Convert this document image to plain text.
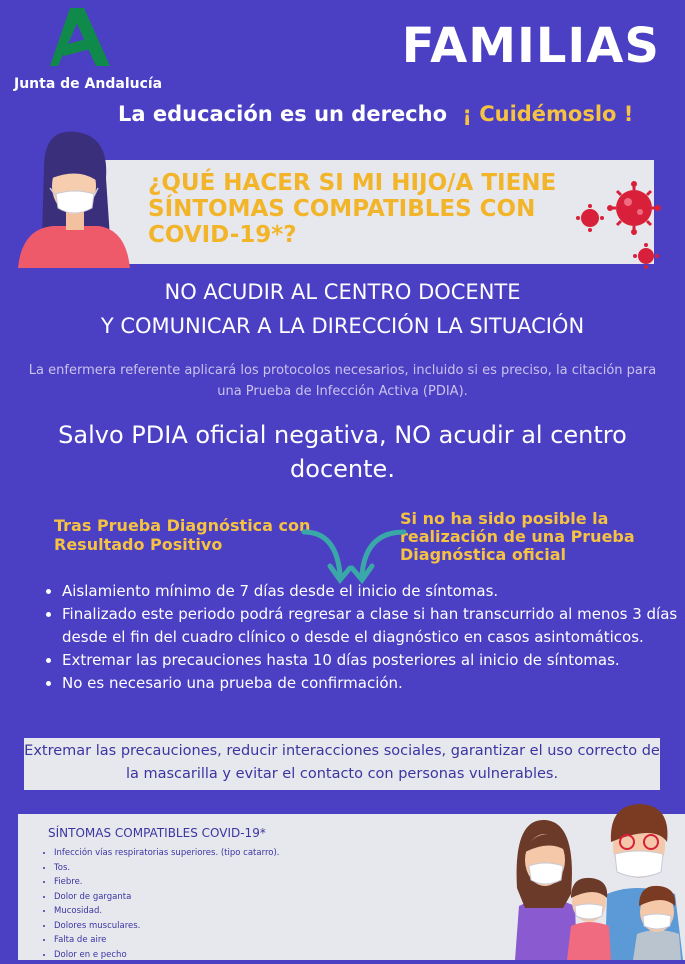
Junta de Andalucía
FAMILIAS
La educación es un derecho ¡ Cuidémoslo !
¿QUÉ HACER SI MI HIJO/A TIENE SÍNTOMAS COMPATIBLES CON COVID-19*?
NO ACUDIR AL CENTRO DOCENTE
Y COMUNICAR A LA DIRECCIÓN LA SITUACIÓN
La enfermera referente aplicará los protocolos necesarios, incluido si es preciso, la citación para una Prueba de Infección Activa (PDIA).
Salvo PDIA oficial negativa, NO acudir al centro docente.
Tras Prueba Diagnóstica con Resultado Positivo
Si no ha sido posible la realización de una Prueba Diagnóstica oficial
• Aislamiento mínimo de 7 días desde el inicio de síntomas.
• Finalizado este periodo podrá regresar a clase si han transcurrido al menos 3 días desde el fin del cuadro clínico o desde el diagnóstico en casos asintomáticos.
• Extremar las precauciones hasta 10 días posteriores al inicio de síntomas.
• No es necesario una prueba de confirmación.
Extremar las precauciones, reducir interacciones sociales, garantizar el uso correcto de la mascarilla y evitar el contacto con personas vulnerables.
SÍNTOMAS COMPATIBLES COVID-19*
• Infección vías respiratorias superiores. (tipo catarro).
• Tos.
• Fiebre.
• Dolor de garganta
• Mucosidad.
• Dolores musculares.
• Falta de aire
• Dolor en e pecho
